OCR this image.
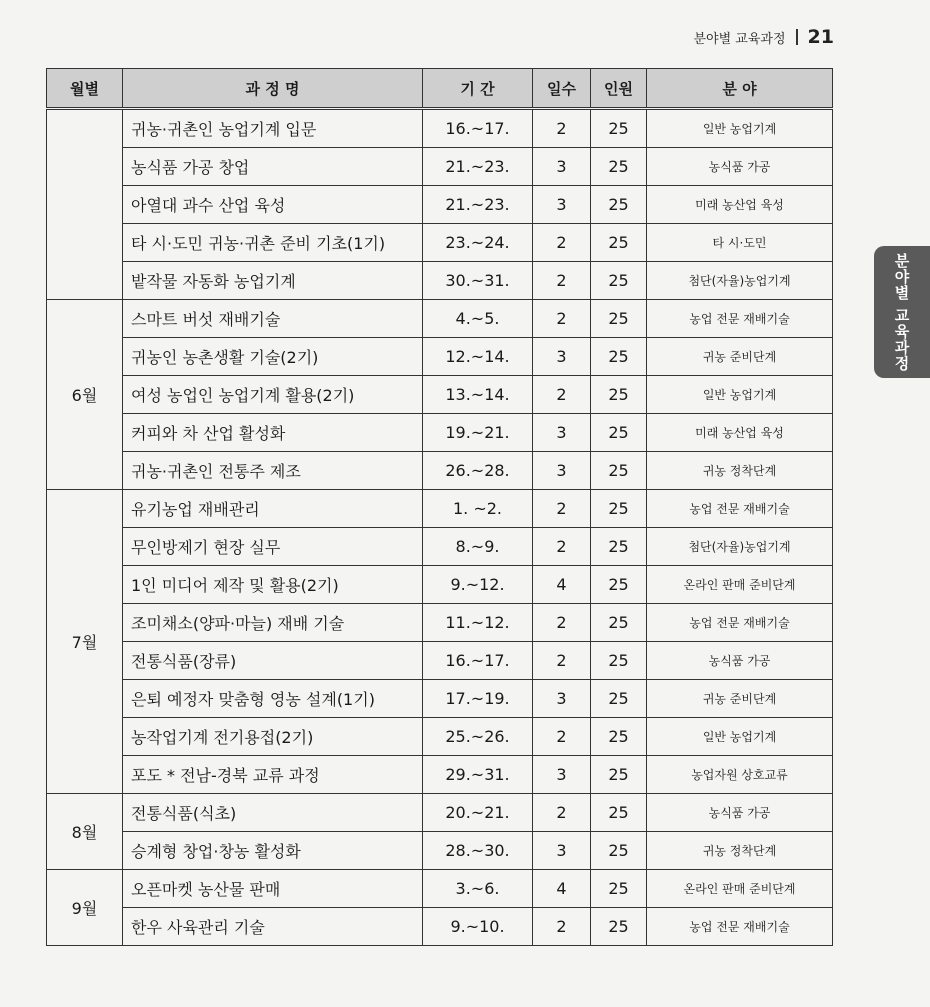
분야별 교육과정 21
분야별 교육과정
월별	과 정 명	기 간	일수	인원	분 야
	귀농·귀촌인 농업기계 입문	16.~17.	2	25	일반 농업기계
	농식품 가공 창업	21.~23.	3	25	농식품 가공
	아열대 과수 산업 육성	21.~23.	3	25	미래 농산업 육성
	타 시·도민 귀농·귀촌 준비 기초(1기)	23.~24.	2	25	타 시·도민
	밭작물 자동화 농업기계	30.~31.	2	25	첨단(자율)농업기계
6월	스마트 버섯 재배기술	4.~5.	2	25	농업 전문 재배기술
	귀농인 농촌생활 기술(2기)	12.~14.	3	25	귀농 준비단계
	여성 농업인 농업기계 활용(2기)	13.~14.	2	25	일반 농업기계
	커피와 차 산업 활성화	19.~21.	3	25	미래 농산업 육성
	귀농·귀촌인 전통주 제조	26.~28.	3	25	귀농 정착단계
7월	유기농업 재배관리	1. ~2.	2	25	농업 전문 재배기술
	무인방제기 현장 실무	8.~9.	2	25	첨단(자율)농업기계
	1인 미디어 제작 및 활용(2기)	9.~12.	4	25	온라인 판매 준비단계
	조미채소(양파·마늘) 재배 기술	11.~12.	2	25	농업 전문 재배기술
	전통식품(장류)	16.~17.	2	25	농식품 가공
	은퇴 예정자 맞춤형 영농 설계(1기)	17.~19.	3	25	귀농 준비단계
	농작업기계 전기용접(2기)	25.~26.	2	25	일반 농업기계
	포도 * 전남-경북 교류 과정	29.~31.	3	25	농업자원 상호교류
8월	전통식품(식초)	20.~21.	2	25	농식품 가공
	승계형 창업·창농 활성화	28.~30.	3	25	귀농 정착단계
9월	오픈마켓 농산물 판매	3.~6.	4	25	온라인 판매 준비단계
	한우 사육관리 기술	9.~10.	2	25	농업 전문 재배기술
